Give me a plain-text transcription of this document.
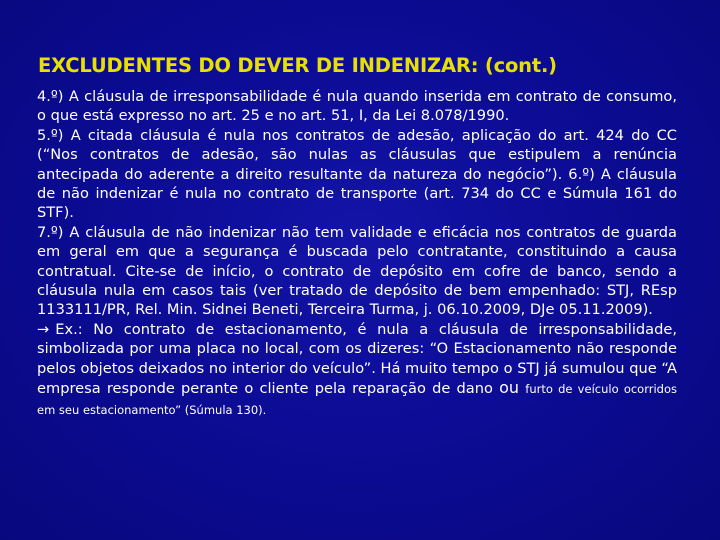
EXCLUDENTES DO DEVER DE INDENIZAR: (cont.)

4.º) A cláusula de irresponsabilidade é nula quando inserida em contrato de consumo, o que está expresso no art. 25 e no art. 51, I, da Lei 8.078/1990.

5.º) A citada cláusula é nula nos contratos de adesão, aplicação do art. 424 do CC (“Nos contratos de adesão, são nulas as cláusulas que estipulem a renúncia antecipada do aderente a direito resultante da natureza do negócio”). 6.º) A cláusula de não indenizar é nula no contrato de transporte (art. 734 do CC e Súmula 161 do STF).

7.º) A cláusula de não indenizar não tem validade e eficácia nos contratos de guarda em geral em que a segurança é buscada pelo contratante, constituindo a causa contratual. Cite-se de início, o contrato de depósito em cofre de banco, sendo a cláusula nula em casos tais (ver tratado de depósito de bem empenhado: STJ, REsp 1133111/PR, Rel. Min. Sidnei Beneti, Terceira Turma, j. 06.10.2009, DJe 05.11.2009).

→ Ex.: No contrato de estacionamento, é nula a cláusula de irresponsabilidade, simbolizada por uma placa no local, com os dizeres: “O Estacionamento não responde pelos objetos deixados no interior do veículo”. Há muito tempo o STJ já sumulou que “A empresa responde perante o cliente pela reparação de dano ou furto de veículo ocorridos em seu estacionamento” (Súmula 130).
